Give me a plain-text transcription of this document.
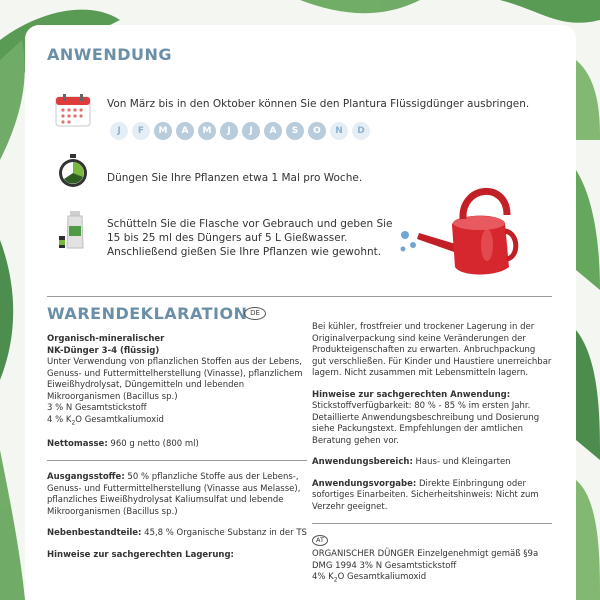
ANWENDUNG
Von März bis in den Oktober können Sie den Plantura Flüssigdünger ausbringen.
J	F	M	A	M	J	J	A	S	O	N	D
Düngen Sie Ihre Pflanzen etwa 1 Mal pro Woche.
Schütteln Sie die Flasche vor Gebrauch und geben Sie 15 bis 25 ml des Düngers auf 5 L Gießwasser. Anschließend gießen Sie Ihre Pflanzen wie gewohnt.
WARENDEKLARATION DE
Organisch-mineralischer
NK-Dünger 3-4 (flüssig)
Unter Verwendung von pflanzlichen Stoffen aus der Lebens, Genuss- und Futtermittelherstellung (Vinasse), pflanzlichem Eiweißhydrolysat, Düngemitteln und lebenden Mikroorganismen (Bacillus sp.)
3 % N Gesamtstickstoff
4 % $K_2O$ Gesamtkaliumoxid

Nettomasse: 960 g netto (800 ml)

Ausgangsstoffe: 50 % pflanzliche Stoffe aus der Lebens-, Genuss- und Futtermittelherstellung (Vinasse aus Melasse), pflanzliches Eiweißhydrolysat Kaliumsulfat und lebende Mikroorganismen (Bacillus sp.)

Nebenbestandteile: 45,8 % Organische Substanz in der TS

Hinweise zur sachgerechten Lagerung:

Bei kühler, frostfreier und trockener Lagerung in der Originalverpackung sind keine Veränderungen der Produkteigenschaften zu erwarten. Anbruchpackung gut verschließen. Für Kinder und Haustiere unerreichbar lagern. Nicht zusammen mit Lebensmitteln lagern.

Hinweise zur sachgerechten Anwendung: Stickstoffverfügbarkeit: 80 % - 85 % im ersten Jahr. Detaillierte Anwendungsbeschreibung und Dosierung siehe Packungstext. Empfehlungen der amtlichen Beratung gehen vor.

Anwendungsbereich: Haus- und Kleingarten

Anwendungsvorgabe: Direkte Einbringung oder sofortiges Einarbeiten. Sicherheitshinweis: Nicht zum Verzehr geeignet.

AT
ORGANISCHER DÜNGER Einzelgenehmigt gemäß §9a DMG 1994 3% N Gesamtstickstoff
4% $K_2O$ Gesamtkaliumoxid
